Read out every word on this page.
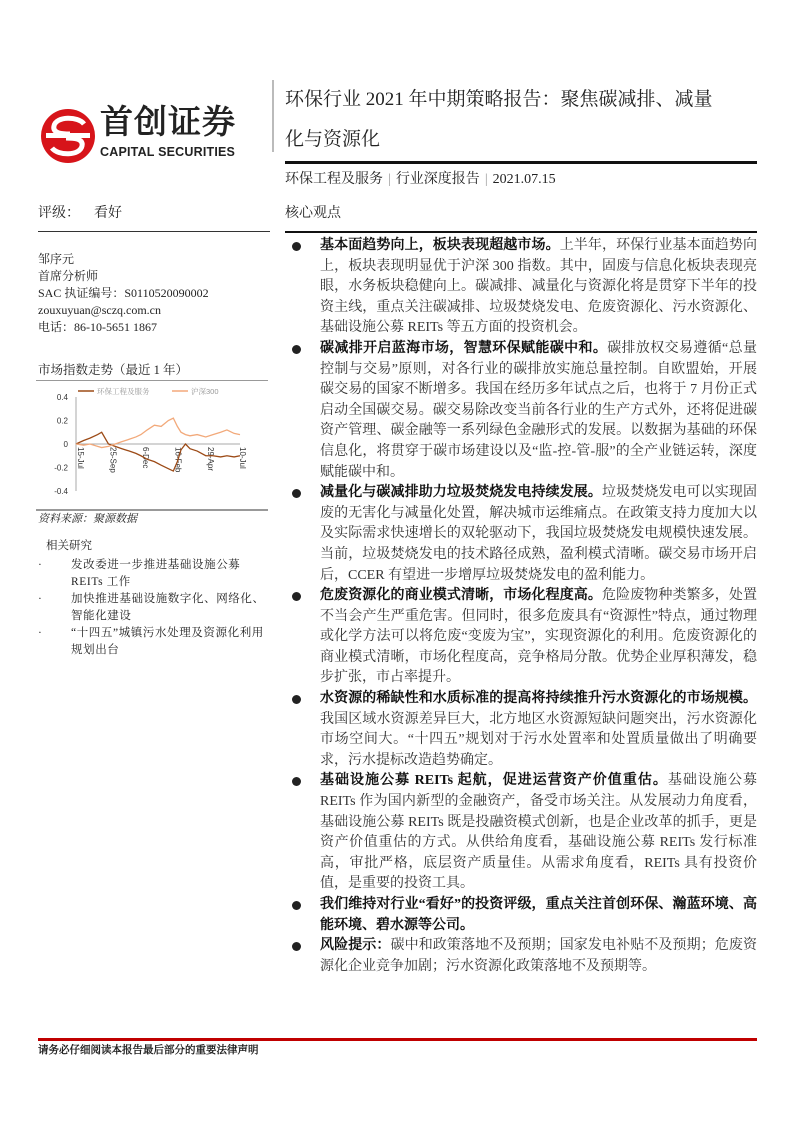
首创证券
CAPITAL SECURITIES
环保行业 2021 年中期策略报告：聚焦碳减排、减量
化与资源化
环保工程及服务 | 行业深度报告 | 2021.07.15
评级： 看好	核心观点
邹序元
首席分析师
SAC 执证编号：S0110520090002
zouxuyuan@sczq.com.cn
电话：86-10-5651 1867
市场指数走势（最近 1 年）
0.4
0.2
0
-0.2
-0.4
15-Jul	25-Sep	6-Dec	16-Feb	29-Apr	10-Jul
环保工程及服务	沪深300
资料来源：聚源数据
相关研究
· 发改委进一步推进基础设施公募 REITs 工作
· 加快推进基础设施数字化、网络化、智能化建设
· “十四五”城镇污水处理及资源化利用规划出台
基本面趋势向上，板块表现超越市场。上半年，环保行业基本面趋势向上，板块表现明显优于沪深 300 指数。其中，固废与信息化板块表现亮眼，水务板块稳健向上。碳减排、减量化与资源化将是贯穿下半年的投资主线，重点关注碳减排、垃圾焚烧发电、危废资源化、污水资源化、基础设施公募 REITs 等五方面的投资机会。
碳减排开启蓝海市场，智慧环保赋能碳中和。碳排放权交易遵循“总量控制与交易”原则，对各行业的碳排放实施总量控制。自欧盟始，开展碳交易的国家不断增多。我国在经历多年试点之后，也将于 7 月份正式启动全国碳交易。碳交易除改变当前各行业的生产方式外，还将促进碳资产管理、碳金融等一系列绿色金融形式的发展。以数据为基础的环保信息化，将贯穿于碳市场建设以及“监-控-管-服”的全产业链运转，深度赋能碳中和。
减量化与碳减排助力垃圾焚烧发电持续发展。垃圾焚烧发电可以实现固废的无害化与减量化处置，解决城市运维痛点。在政策支持力度加大以及实际需求快速增长的双轮驱动下，我国垃圾焚烧发电规模快速发展。当前，垃圾焚烧发电的技术路径成熟，盈利模式清晰。碳交易市场开启后，CCER 有望进一步增厚垃圾焚烧发电的盈利能力。
危废资源化的商业模式清晰，市场化程度高。危险废物种类繁多，处置不当会产生严重危害。但同时，很多危废具有“资源性”特点，通过物理或化学方法可以将危废“变废为宝”，实现资源化的利用。危废资源化的商业模式清晰，市场化程度高，竞争格局分散。优势企业厚积薄发，稳步扩张，市占率提升。
水资源的稀缺性和水质标准的提高将持续推升污水资源化的市场规模。我国区域水资源差异巨大，北方地区水资源短缺问题突出，污水资源化市场空间大。“十四五”规划对于污水处置率和处置质量做出了明确要求，污水提标改造趋势确定。
基础设施公募 REITs 起航，促进运营资产价值重估。基础设施公募 REITs 作为国内新型的金融资产，备受市场关注。从发展动力角度看，基础设施公募 REITs 既是投融资模式创新，也是企业改革的抓手，更是资产价值重估的方式。从供给角度看，基础设施公募 REITs 发行标准高，审批严格，底层资产质量佳。从需求角度看，REITs 具有投资价值，是重要的投资工具。
我们维持对行业“看好”的投资评级，重点关注首创环保、瀚蓝环境、高能环境、碧水源等公司。
风险提示：碳中和政策落地不及预期；国家发电补贴不及预期；危废资源化企业竞争加剧；污水资源化政策落地不及预期等。
请务必仔细阅读本报告最后部分的重要法律声明
